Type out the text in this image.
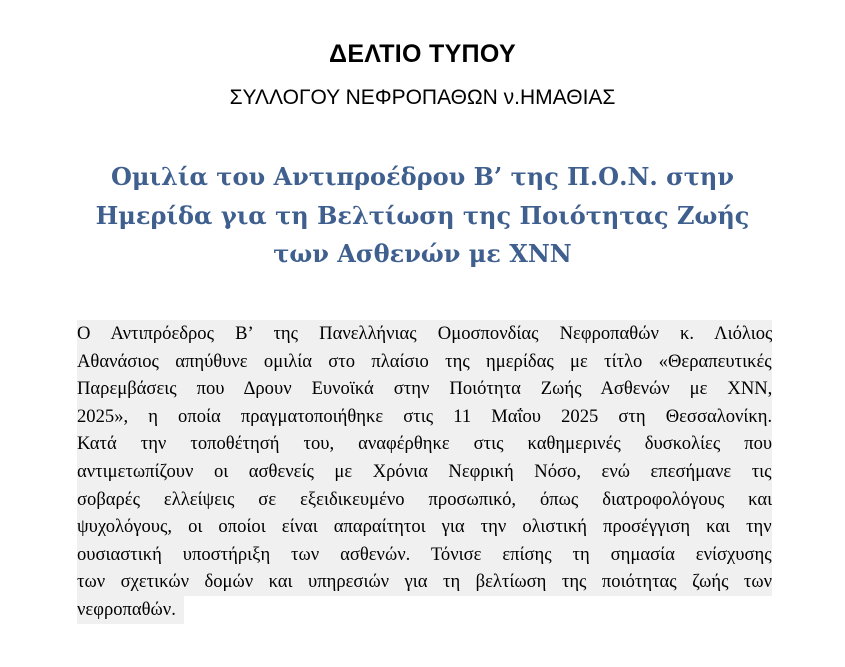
ΔΕΛΤΙΟ ΤΥΠΟΥ
ΣΥΛΛΟΓΟΥ ΝΕΦΡΟΠΑΘΩΝ ν.ΗΜΑΘΙΑΣ
Ομιλία του Αντιπροέδρου Β’ της Π.Ο.Ν. στην
Ημερίδα για τη Βελτίωση της Ποιότητας Ζωής
των Ασθενών με ΧΝΝ
Ο Αντιπρόεδρος Β’ της Πανελλήνιας Ομοσπονδίας Νεφροπαθών κ. Λιόλιος
Αθανάσιος απηύθυνε ομιλία στο πλαίσιο της ημερίδας με τίτλο «Θεραπευτικές
Παρεμβάσεις που Δρουν Ευνοϊκά στην Ποιότητα Ζωής Ασθενών με ΧΝΝ,
2025», η οποία πραγματοποιήθηκε στις 11 Μαΐου 2025 στη Θεσσαλονίκη.
Κατά την τοποθέτησή του, αναφέρθηκε στις καθημερινές δυσκολίες που
αντιμετωπίζουν οι ασθενείς με Χρόνια Νεφρική Νόσο, ενώ επεσήμανε τις
σοβαρές ελλείψεις σε εξειδικευμένο προσωπικό, όπως διατροφολόγους και
ψυχολόγους, οι οποίοι είναι απαραίτητοι για την ολιστική προσέγγιση και την
ουσιαστική υποστήριξη των ασθενών. Τόνισε επίσης τη σημασία ενίσχυσης
των σχετικών δομών και υπηρεσιών για τη βελτίωση της ποιότητας ζωής των
νεφροπαθών.
